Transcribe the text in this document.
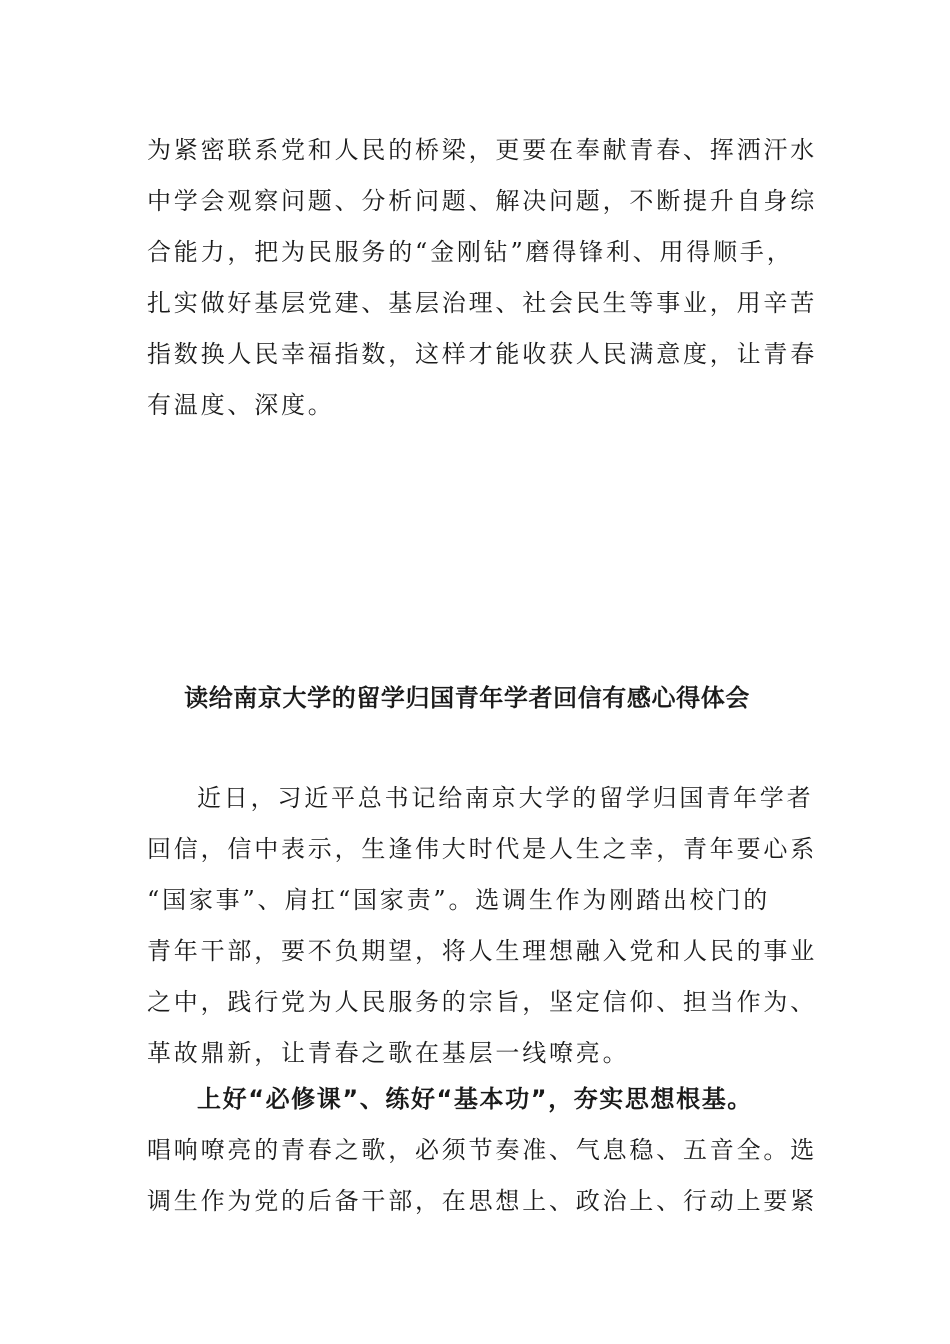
为紧密联系党和人民的桥梁，更要在奉献青春、挥洒汗水
中学会观察问题、分析问题、解决问题，不断提升自身综
合能力，把为民服务的“金刚钻”磨得锋利、用得顺手，
扎实做好基层党建、基层治理、社会民生等事业，用辛苦
指数换人民幸福指数，这样才能收获人民满意度，让青春
有温度、深度。
读给南京大学的留学归国青年学者回信有感心得体会
近日，习近平总书记给南京大学的留学归国青年学者
回信，信中表示，生逢伟大时代是人生之幸，青年要心系
“国家事”、肩扛“国家责”。选调生作为刚踏出校门的
青年干部，要不负期望，将人生理想融入党和人民的事业
之中，践行党为人民服务的宗旨，坚定信仰、担当作为、
革故鼎新，让青春之歌在基层一线嘹亮。
上好“必修课”、练好“基本功”，夯实思想根基。
唱响嘹亮的青春之歌，必须节奏准、气息稳、五音全。选
调生作为党的后备干部，在思想上、政治上、行动上要紧
